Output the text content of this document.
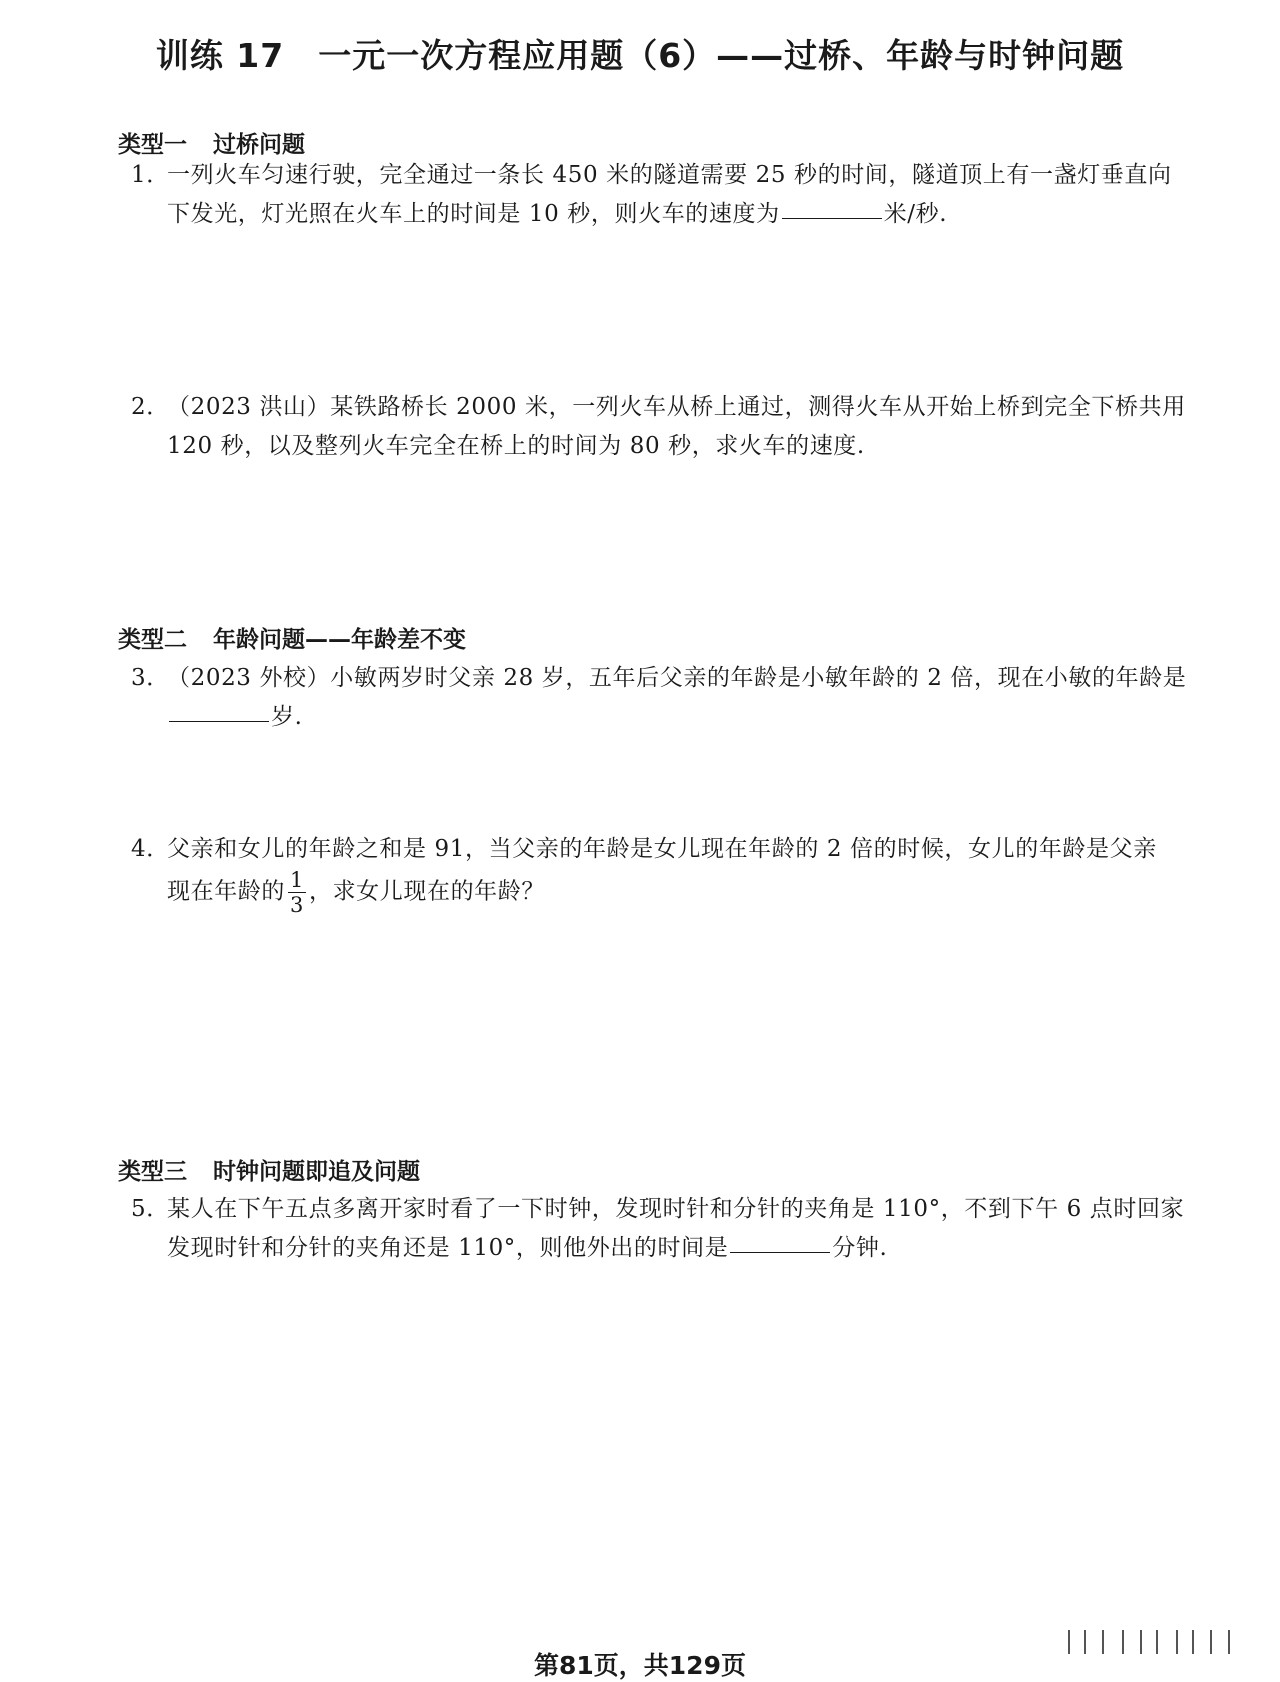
训练 17　一元一次方程应用题（6）——过桥、年龄与时钟问题
类型一 过桥问题
1．
一列火车匀速行驶，完全通过一条长 450 米的隧道需要 25 秒的时间，隧道顶上有一盏灯垂直向
下发光，灯光照在火车上的时间是 10 秒，则火车的速度为	米/秒.
2．
（2023 洪山）某铁路桥长 2000 米，一列火车从桥上通过，测得火车从开始上桥到完全下桥共用
120 秒，以及整列火车完全在桥上的时间为 80 秒，求火车的速度.
类型二 年龄问题——年龄差不变
3．
（2023 外校）小敏两岁时父亲 28 岁，五年后父亲的年龄是小敏年龄的 2 倍，现在小敏的年龄是
岁.
4．
父亲和女儿的年龄之和是 91，当父亲的年龄是女儿现在年龄的 2 倍的时候，女儿的年龄是父亲
现在年龄的 $\frac{1}{3}$ ，求女儿现在的年龄？
类型三 时钟问题即追及问题
5．
某人在下午五点多离开家时看了一下时钟，发现时针和分针的夹角是 110°，不到下午 6 点时回家
发现时针和分针的夹角还是 110°，则他外出的时间是	分钟.
第81页，共129页
